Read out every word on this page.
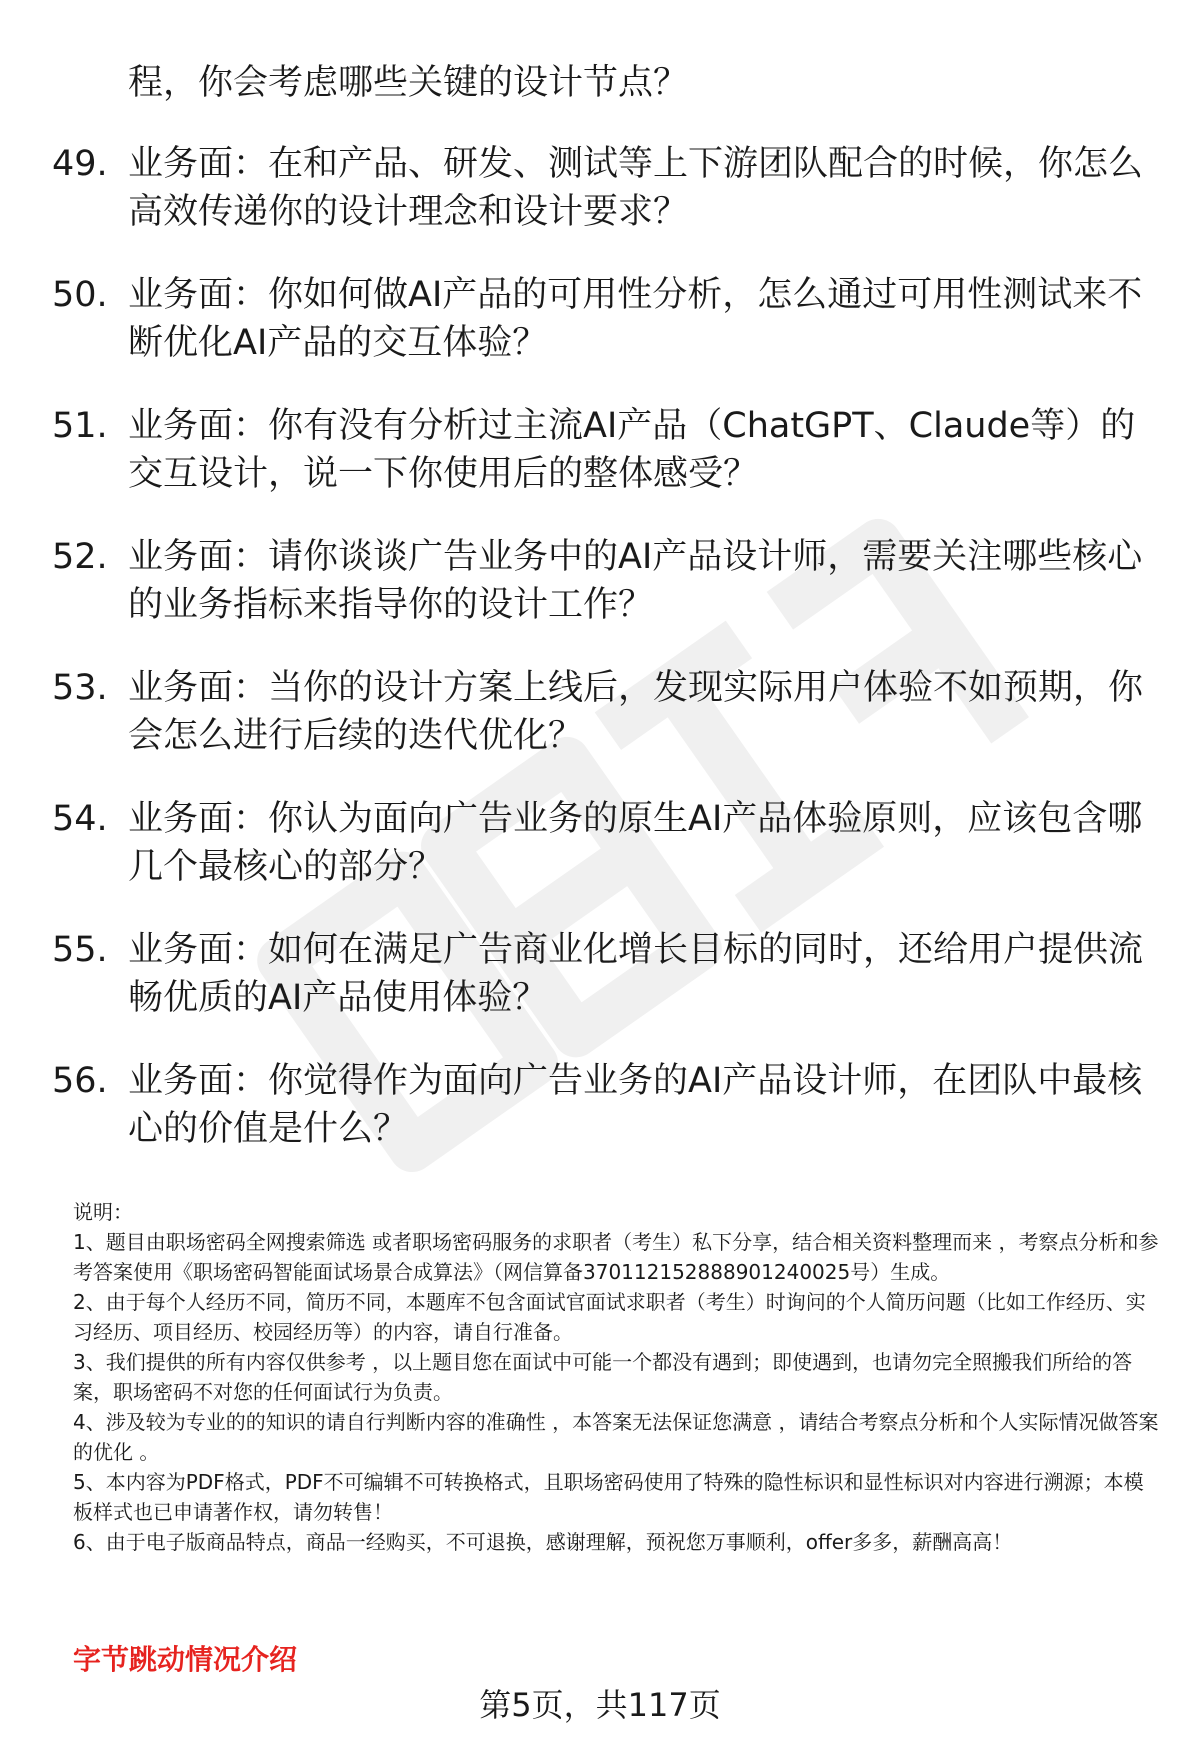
程，你会考虑哪些关键的设计节点？
49. 业务面：在和产品、研发、测试等上下游团队配合的时候，你怎么高效传递你的设计理念和设计要求？
50. 业务面：你如何做AI产品的可用性分析，怎么通过可用性测试来不断优化AI产品的交互体验？
51. 业务面：你有没有分析过主流AI产品（ChatGPT、Claude等）的交互设计，说一下你使用后的整体感受？
52. 业务面：请你谈谈广告业务中的AI产品设计师，需要关注哪些核心的业务指标来指导你的设计工作？
53. 业务面：当你的设计方案上线后，发现实际用户体验不如预期，你会怎么进行后续的迭代优化？
54. 业务面：你认为面向广告业务的原生AI产品体验原则，应该包含哪几个最核心的部分？
55. 业务面：如何在满足广告商业化增长目标的同时，还给用户提供流畅优质的AI产品使用体验？
56. 业务面：你觉得作为面向广告业务的AI产品设计师，在团队中最核心的价值是什么？
说明：
1、题目由职场密码全网搜索筛选 或者职场密码服务的求职者（考生）私下分享，结合相关资料整理而来 ，考察点分析和参考答案使用《职场密码智能面试场景合成算法》（网信算备370112152888901240025号）生成。
2、由于每个人经历不同，简历不同，本题库不包含面试官面试求职者（考生）时询问的个人简历问题（比如工作经历、实习经历、项目经历、校园经历等）的内容，请自行准备。
3、我们提供的所有内容仅供参考 ，以上题目您在面试中可能一个都没有遇到；即使遇到，也请勿完全照搬我们所给的答案，职场密码不对您的任何面试行为负责。
4、涉及较为专业的的知识的请自行判断内容的准确性 ，本答案无法保证您满意 ，请结合考察点分析和个人实际情况做答案的优化 。
5、本内容为PDF格式，PDF不可编辑不可转换格式，且职场密码使用了特殊的隐性标识和显性标识对内容进行溯源；本模板样式也已申请著作权，请勿转售！
6、由于电子版商品特点，商品一经购买，不可退换，感谢理解，预祝您万事顺利，offer多多，薪酬高高！
字节跳动情况介绍
第5页，共117页
